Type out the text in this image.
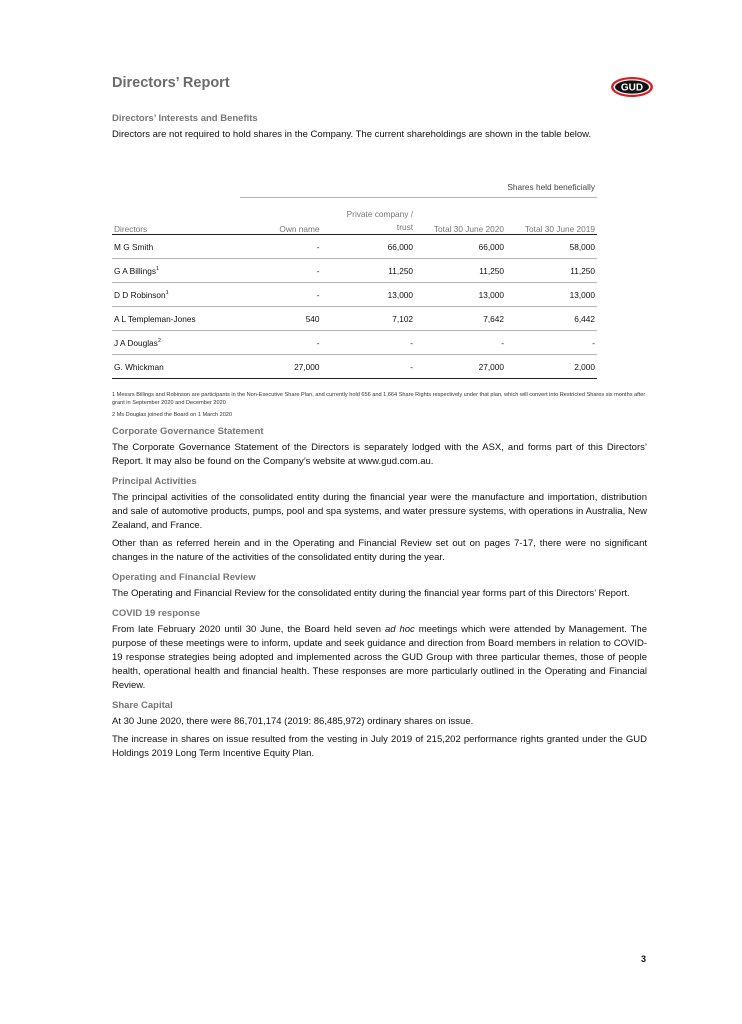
Directors’ Report	GUD
Directors’ Interests and Benefits

Directors are not required to hold shares in the Company. The current shareholdings are shown in the table below.

	Shares held beneficially			
Directors	Own name	Private company / trust	Total 30 June 2020	Total 30 June 2019
M G Smith	-	66,000	66,000	58,000
G A Billings$^1$	-	11,250	11,250	11,250
D D Robinson$^1$	-	13,000	13,000	13,000
A L Templeman-Jones	540	7,102	7,642	6,442
J A Douglas$^2$	-	-	-	-
G. Whickman	27,000	-	27,000	2,000

1 Messrs Billings and Robinson are participants in the Non-Executive Share Plan, and currently hold 656 and 1,664 Share Rights respectively under that plan, which will convert into Restricted Shares six months after grant in September 2020 and December 2020

2 Ms Douglas joined the Board on 1 March 2020

Corporate Governance Statement

The Corporate Governance Statement of the Directors is separately lodged with the ASX, and forms part of this Directors’ Report. It may also be found on the Company’s website at www.gud.com.au.

Principal Activities

The principal activities of the consolidated entity during the financial year were the manufacture and importation, distribution and sale of automotive products, pumps, pool and spa systems, and water pressure systems, with operations in Australia, New Zealand, and France.

Other than as referred herein and in the Operating and Financial Review set out on pages 7-17, there were no significant changes in the nature of the activities of the consolidated entity during the year.

Operating and Financial Review

The Operating and Financial Review for the consolidated entity during the financial year forms part of this Directors’ Report.

COVID 19 response

From late February 2020 until 30 June, the Board held seven ad hoc meetings which were attended by Management. The purpose of these meetings were to inform, update and seek guidance and direction from Board members in relation to COVID-19 response strategies being adopted and implemented across the GUD Group with three particular themes, those of people health, operational health and financial health. These responses are more particularly outlined in the Operating and Financial Review.

Share Capital

At 30 June 2020, there were 86,701,174 (2019: 86,485,972) ordinary shares on issue.

The increase in shares on issue resulted from the vesting in July 2019 of 215,202 performance rights granted under the GUD Holdings 2019 Long Term Incentive Equity Plan.

3
